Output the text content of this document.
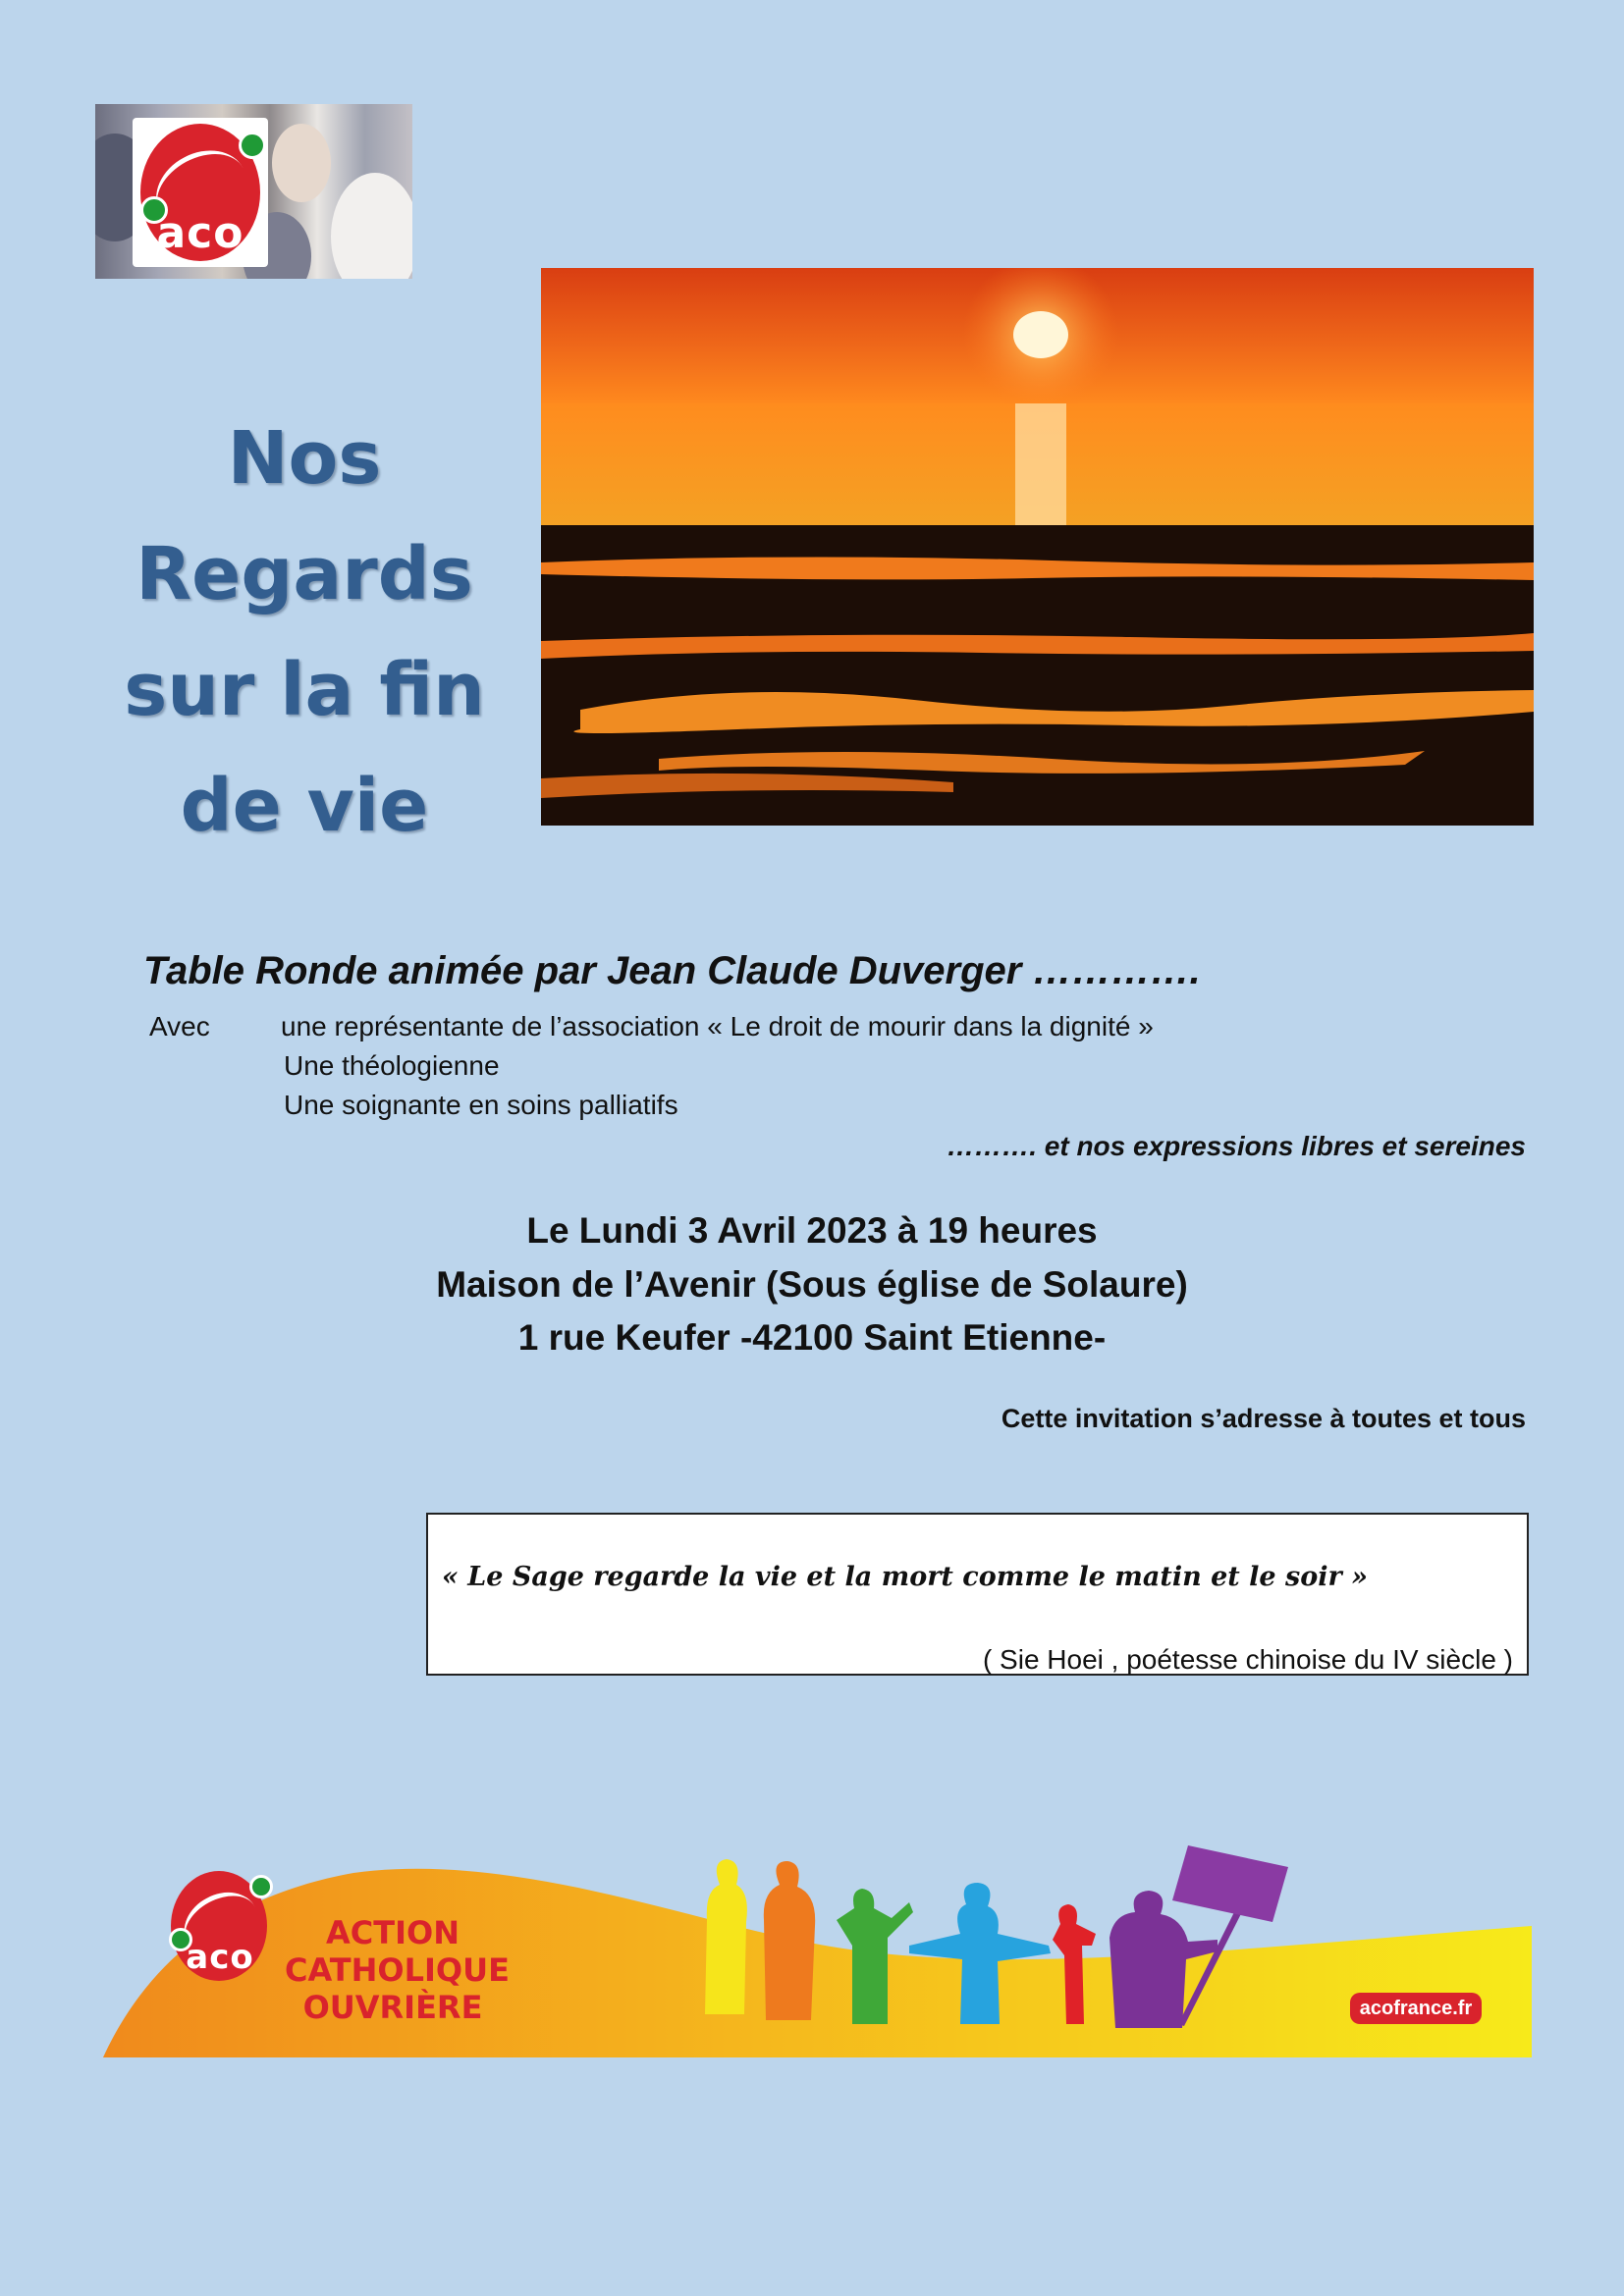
aco
Nos
Regards
sur la fin
de vie
Table Ronde animée par Jean Claude Duverger ………….
Avec	une représentante de l’association « Le droit de mourir dans la dignité »
Une théologienne
Une soignante en soins palliatifs
………. et nos expressions libres et sereines
Le Lundi 3 Avril 2023 à 19 heures
Maison de l’Avenir (Sous église de Solaure)
1 rue Keufer -42100 Saint Etienne-
Cette invitation s’adresse à toutes et tous
« Le Sage regarde la vie et la mort comme le matin et le soir »
( Sie Hoei , poétesse chinoise du IV siècle )
aco
ACTION
CATHOLIQUE
OUVRIÈRE	acofrance.fr
